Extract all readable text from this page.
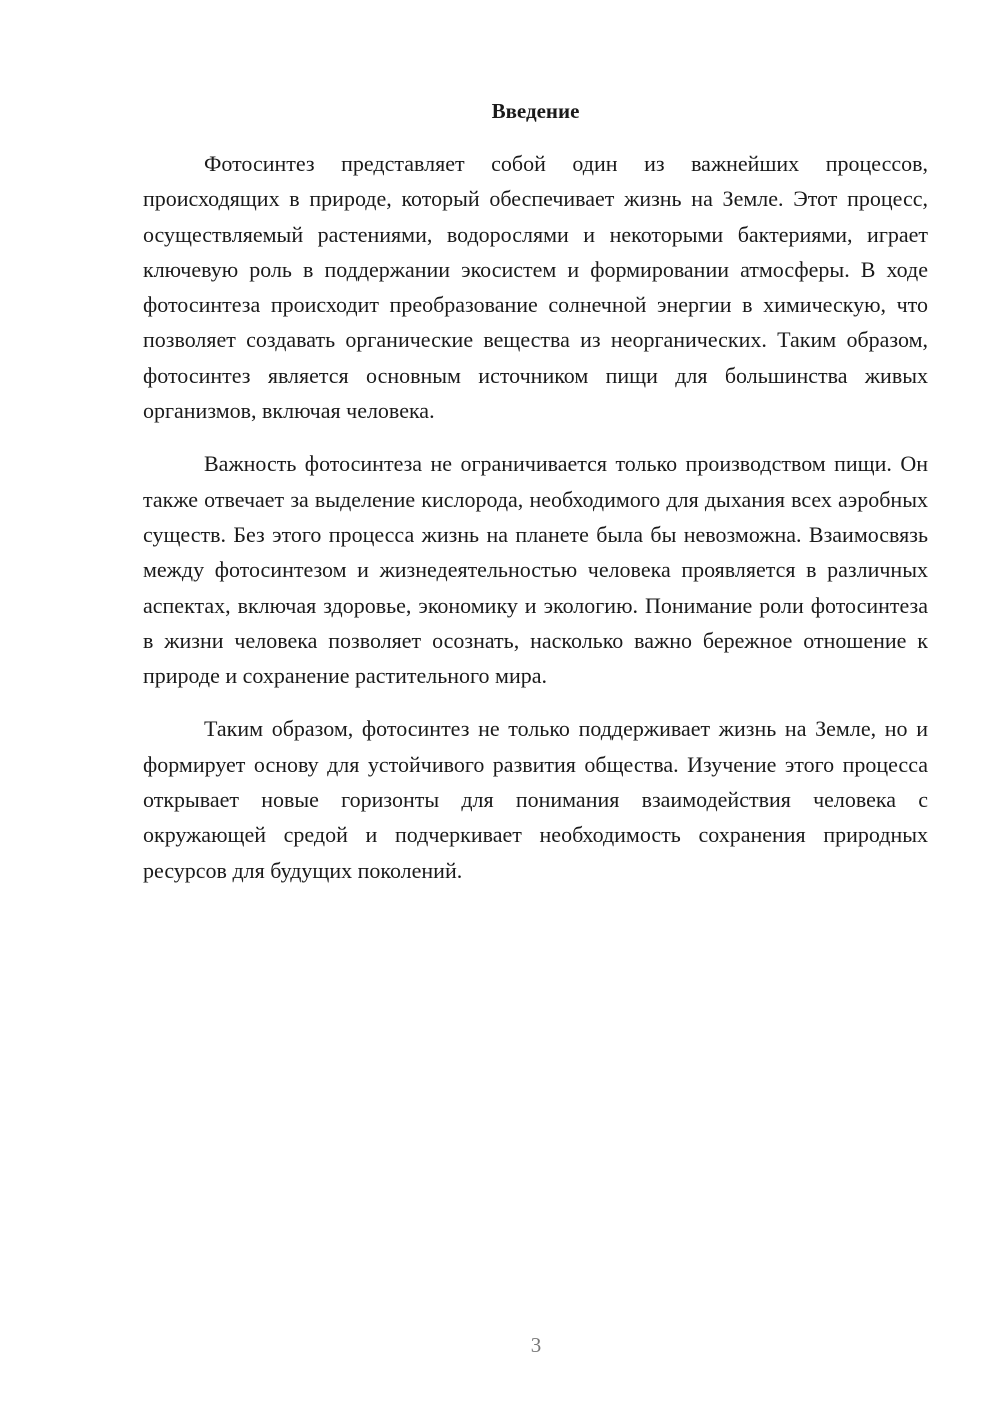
Введение

Фотосинтез представляет собой один из важнейших процессов, происходящих в природе, который обеспечивает жизнь на Земле. Этот процесс, осуществляемый растениями, водорослями и некоторыми бактериями, играет ключевую роль в поддержании экосистем и формировании атмосферы. В ходе фотосинтеза происходит преобразование солнечной энергии в химическую, что позволяет создавать органические вещества из неорганических. Таким образом, фотосинтез является основным источником пищи для большинства живых организмов, включая человека.

Важность фотосинтеза не ограничивается только производством пищи. Он также отвечает за выделение кислорода, необходимого для дыхания всех аэробных существ. Без этого процесса жизнь на планете была бы невозможна. Взаимосвязь между фотосинтезом и жизнедеятельностью человека проявляется в различных аспектах, включая здоровье, экономику и экологию. Понимание роли фотосинтеза в жизни человека позволяет осознать, насколько важно бережное отношение к природе и сохранение растительного мира.

Таким образом, фотосинтез не только поддерживает жизнь на Земле, но и формирует основу для устойчивого развития общества. Изучение этого процесса открывает новые горизонты для понимания взаимодействия человека с окружающей средой и подчеркивает необходимость сохранения природных ресурсов для будущих поколений.

3
